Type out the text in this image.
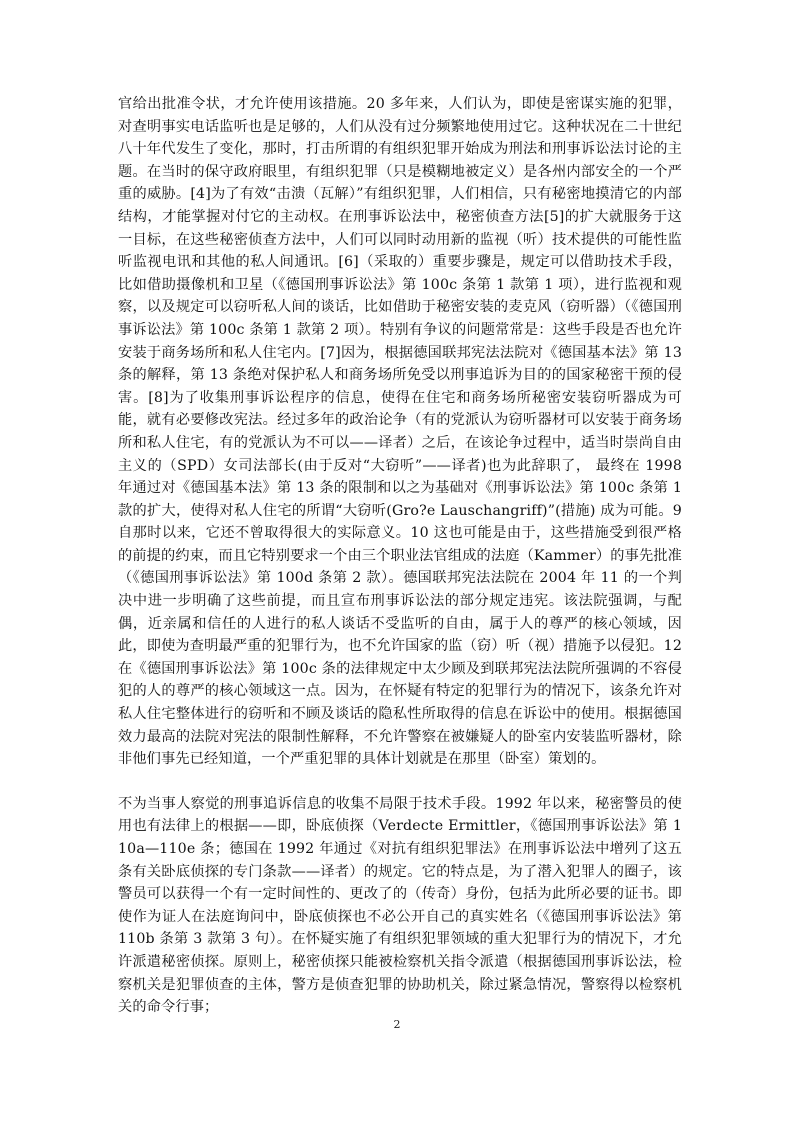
官给出批准令状，才允许使用该措施。20 多年来，人们认为，即使是密谋实施的犯罪，对查明事实电话监听也是足够的，人们从没有过分频繁地使用过它。这种状况在二十世纪八十年代发生了变化，那时，打击所谓的有组织犯罪开始成为刑法和刑事诉讼法讨论的主题。在当时的保守政府眼里，有组织犯罪（只是模糊地被定义）是各州内部安全的一个严重的威胁。[4]为了有效“击溃（瓦解）”有组织犯罪，人们相信，只有秘密地摸清它的内部结构，才能掌握对付它的主动权。在刑事诉讼法中，秘密侦查方法[5]的扩大就服务于这一目标，在这些秘密侦查方法中，人们可以同时动用新的监视（听）技术提供的可能性监听监视电讯和其他的私人间通讯。[6]（采取的）重要步骤是，规定可以借助技术手段，比如借助摄像机和卫星（《德国刑事诉讼法》第 100c 条第 1 款第 1 项），进行监视和观察，以及规定可以窃听私人间的谈话，比如借助于秘密安装的麦克风（窃听器）（《德国刑事诉讼法》第 100c 条第 1 款第 2 项）。特别有争议的问题常常是：这些手段是否也允许安装于商务场所和私人住宅内。[7]因为，根据德国联邦宪法法院对《德国基本法》第 13 条的解释，第 13 条绝对保护私人和商务场所免受以刑事追诉为目的的国家秘密干预的侵害。[8]为了收集刑事诉讼程序的信息，使得在住宅和商务场所秘密安装窃听器成为可能，就有必要修改宪法。经过多年的政治论争（有的党派认为窃听器材可以安装于商务场所和私人住宅，有的党派认为不可以——译者）之后，在该论争过程中，适当时崇尚自由主义的（SPD）女司法部长(由于反对“大窃听”——译者)也为此辞职了， 最终在 1998 年通过对《德国基本法》第 13 条的限制和以之为基础对《刑事诉讼法》第 100c 条第 1 款的扩大，使得对私人住宅的所谓“大窃听(Gro?e Lauschangriff)”(措施) 成为可能。9 自那时以来，它还不曾取得很大的实际意义。10 这也可能是由于，这些措施受到很严格的前提的约束，而且它特别要求一个由三个职业法官组成的法庭（Kammer）的事先批准（《德国刑事诉讼法》第 100d 条第 2 款）。德国联邦宪法法院在 2004 年 11 的一个判决中进一步明确了这些前提，而且宣布刑事诉讼法的部分规定违宪。该法院强调，与配偶，近亲属和信任的人进行的私人谈话不受监听的自由，属于人的尊严的核心领域，因此，即使为查明最严重的犯罪行为，也不允许国家的监（窃）听（视）措施予以侵犯。12 在《德国刑事诉讼法》第 100c 条的法律规定中太少顾及到联邦宪法法院所强调的不容侵犯的人的尊严的核心领域这一点。因为，在怀疑有特定的犯罪行为的情况下，该条允许对私人住宅整体进行的窃听和不顾及谈话的隐私性所取得的信息在诉讼中的使用。根据德国效力最高的法院对宪法的限制性解释，不允许警察在被嫌疑人的卧室内安装监听器材，除非他们事先已经知道，一个严重犯罪的具体计划就是在那里（卧室）策划的。

不为当事人察觉的刑事追诉信息的收集不局限于技术手段。1992 年以来，秘密警员的使用也有法律上的根据——即，卧底侦探（Verdecte Ermittler，《德国刑事诉讼法》第 110a—110e 条；德国在 1992 年通过《对抗有组织犯罪法》在刑事诉讼法中增列了这五条有关卧底侦探的专门条款——译者）的规定。它的特点是，为了潜入犯罪人的圈子，该警员可以获得一个有一定时间性的、更改了的（传奇）身份，包括为此所必要的证书。即使作为证人在法庭询问中，卧底侦探也不必公开自己的真实姓名（《德国刑事诉讼法》第 110b 条第 3 款第 3 句）。在怀疑实施了有组织犯罪领域的重大犯罪行为的情况下，才允许派遣秘密侦探。原则上，秘密侦探只能被检察机关指令派遣（根据德国刑事诉讼法，检察机关是犯罪侦查的主体，警方是侦查犯罪的协助机关，除过紧急情况，警察得以检察机关的命令行事；

2
